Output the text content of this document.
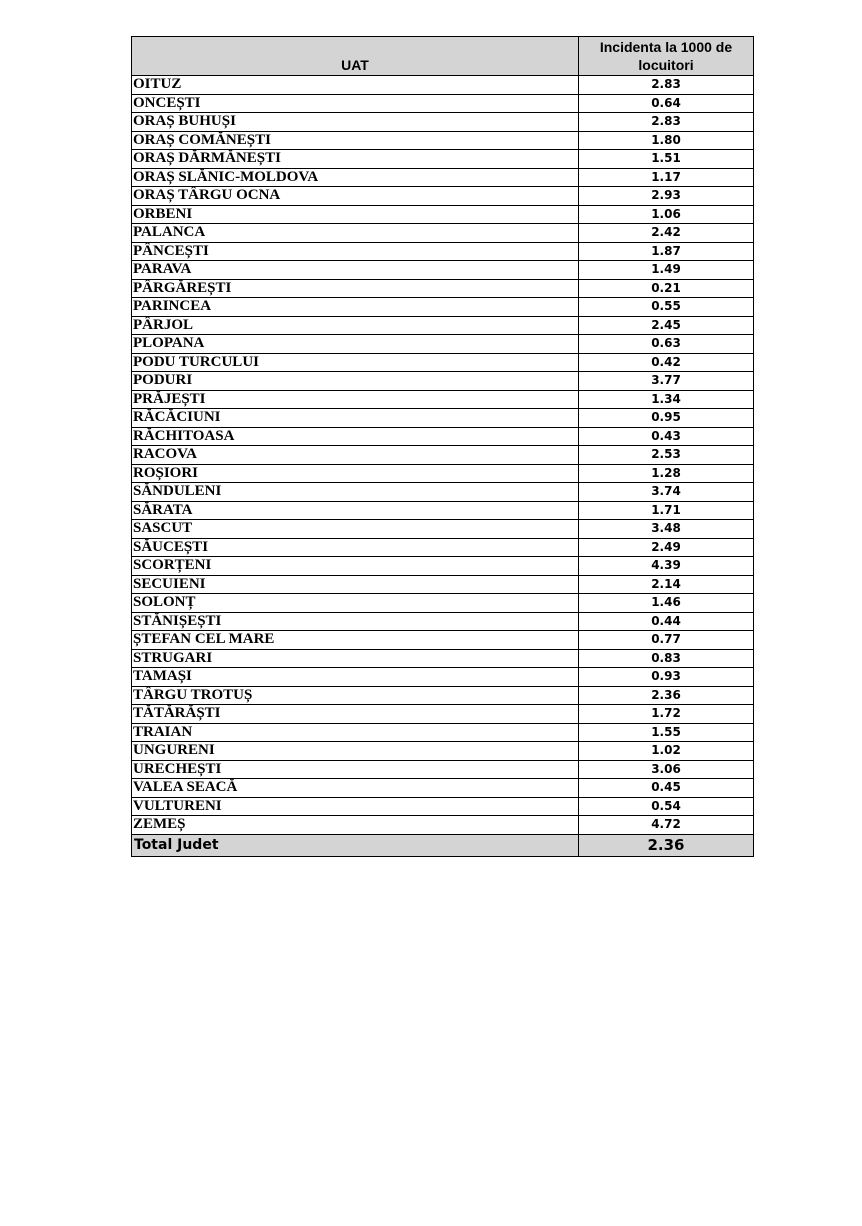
UAT	Incidenta la 1000 de locuitori
OITUZ	2.83
ONCEȘTI	0.64
ORAȘ BUHUȘI	2.83
ORAȘ COMĂNEȘTI	1.80
ORAȘ DĂRMĂNEȘTI	1.51
ORAȘ SLĂNIC-MOLDOVA	1.17
ORAȘ TÂRGU OCNA	2.93
ORBENI	1.06
PALANCA	2.42
PÂNCEȘTI	1.87
PARAVA	1.49
PÂRGĂREȘTI	0.21
PARINCEA	0.55
PÂRJOL	2.45
PLOPANA	0.63
PODU TURCULUI	0.42
PODURI	3.77
PRĂJEȘTI	1.34
RĂCĂCIUNI	0.95
RĂCHITOASA	0.43
RACOVA	2.53
ROȘIORI	1.28
SĂNDULENI	3.74
SĂRATA	1.71
SASCUT	3.48
SĂUCEȘTI	2.49
SCORȚENI	4.39
SECUIENI	2.14
SOLONȚ	1.46
STĂNIȘEȘTI	0.44
ȘTEFAN CEL MARE	0.77
STRUGARI	0.83
TAMAȘI	0.93
TÂRGU TROTUȘ	2.36
TĂTĂRĂȘTI	1.72
TRAIAN	1.55
UNGURENI	1.02
URECHEȘTI	3.06
VALEA SEACĂ	0.45
VULTURENI	0.54
ZEMEȘ	4.72
Total Judet	2.36
